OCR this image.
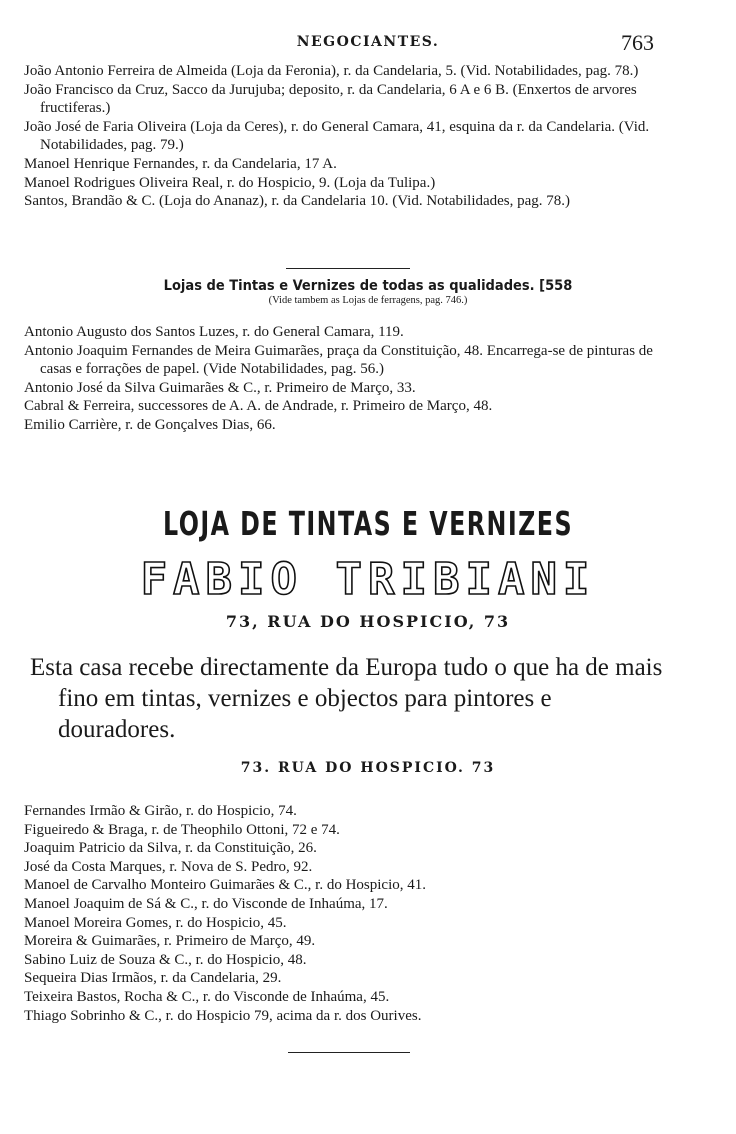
NEGOCIANTES.	763

João Antonio Ferreira de Almeida (Loja da Feronia), r. da Candelaria, 5. (Vid. Notabilidades, pag. 78.)

João Francisco da Cruz, Sacco da Jurujuba; deposito, r. da Candelaria, 6 A e 6 B. (Enxertos de arvores fructiferas.)

João José de Faria Oliveira (Loja da Ceres), r. do General Camara, 41, esquina da r. da Candelaria. (Vid. Notabilidades, pag. 79.)

Manoel Henrique Fernandes, r. da Candelaria, 17 A.

Manoel Rodrigues Oliveira Real, r. do Hospicio, 9. (Loja da Tulipa.)

Santos, Brandão & C. (Loja do Ananaz), r. da Candelaria 10. (Vid. Notabilidades, pag. 78.)

Lojas de Tintas e Vernizes de todas as qualidades. [558
(Vide tambem as Lojas de ferragens, pag. 746.)

Antonio Augusto dos Santos Luzes, r. do General Camara, 119.

Antonio Joaquim Fernandes de Meira Guimarães, praça da Constituição, 48. Encarrega-se de pinturas de casas e forrações de papel. (Vide Notabilidades, pag. 56.)

Antonio José da Silva Guimarães & C., r. Primeiro de Março, 33.

Cabral & Ferreira, successores de A. A. de Andrade, r. Primeiro de Março, 48.

Emilio Carrière, r. de Gonçalves Dias, 66.

LOJA DE TINTAS E VERNIZES
FABIO TRIBIANI
73, RUA DO HOSPICIO, 73

Esta casa recebe directamente da Europa tudo o que ha de mais fino em tintas, vernizes e objectos para pintores e douradores.

73. RUA DO HOSPICIO. 73

Fernandes Irmão & Girão, r. do Hospicio, 74.

Figueiredo & Braga, r. de Theophilo Ottoni, 72 e 74.

Joaquim Patricio da Silva, r. da Constituição, 26.

José da Costa Marques, r. Nova de S. Pedro, 92.

Manoel de Carvalho Monteiro Guimarães & C., r. do Hospicio, 41.

Manoel Joaquim de Sá & C., r. do Visconde de Inhaúma, 17.

Manoel Moreira Gomes, r. do Hospicio, 45.

Moreira & Guimarães, r. Primeiro de Março, 49.

Sabino Luiz de Souza & C., r. do Hospicio, 48.

Sequeira Dias Irmãos, r. da Candelaria, 29.

Teixeira Bastos, Rocha & C., r. do Visconde de Inhaúma, 45.

Thiago Sobrinho & C., r. do Hospicio 79, acima da r. dos Ourives.
